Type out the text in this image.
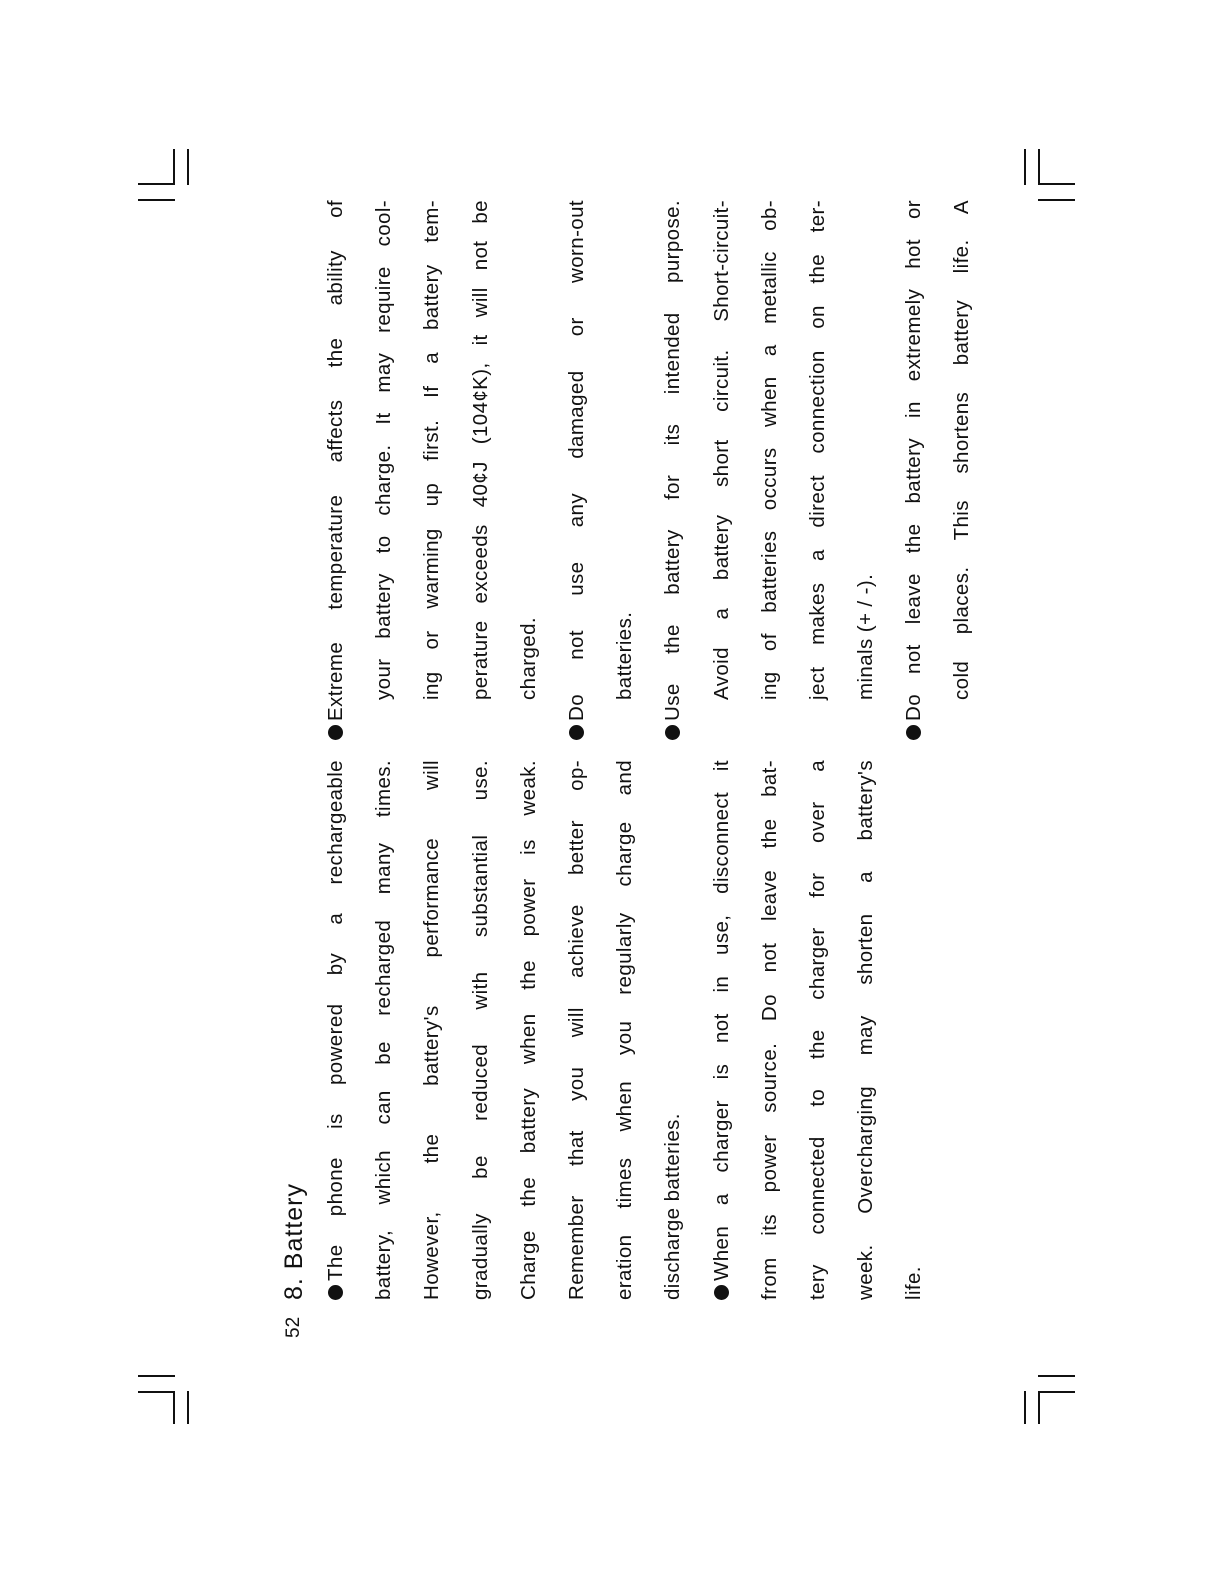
52
8. Battery The phone is powered by a rechargeable	battery, which can be recharged many times.	However, the battery's performance will	gradually be reduced with substantial use.	Charge the battery when the power is weak.	Remember that you will achieve better op-	eration times when you regularly charge and	discharge batteries.	When a charger is not in use, disconnect it	from its power source. Do not leave the bat-	tery connected to the charger for over a	week. Overcharging may shorten a battery's	life.
Extreme temperature affects the ability of	your battery to charge. It may require cool-	ing or warming up first. If a battery tem-	perature exceeds 40¢J (104¢K), it will not be	charged.	Do not use any damaged or worn-out	batteries.	Use the battery for its intended purpose.	Avoid a battery short circuit. Short-circuit-	ing of batteries occurs when a metallic ob-	ject makes a direct connection on the ter-	minals (+ / -).	Do not leave the battery in extremely hot or	cold places. This shortens battery life. A
